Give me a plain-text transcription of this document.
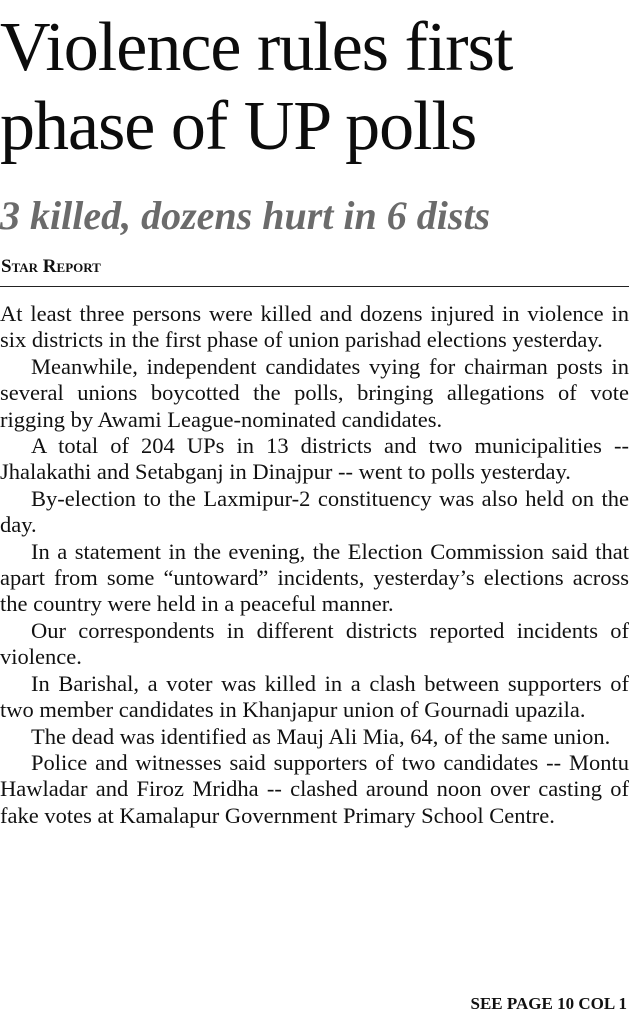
Violence rules first
phase of UP polls
3 killed, dozens hurt in 6 dists
Star Report

At least three persons were killed and dozens injured in violence in six districts in the first phase of union parishad elections yesterday.

Meanwhile, independent candidates vying for chairman posts in several unions boycotted the polls, bringing allegations of vote rigging by Awami League-nominated candidates.

A total of 204 UPs in 13 districts and two municipalities -- Jhalakathi and Setabganj in Dinajpur -- went to polls yesterday.

By-election to the Laxmipur-2 constituency was also held on the day.

In a statement in the evening, the Election Commission said that apart from some “untoward” incidents, yesterday’s elections across the country were held in a peaceful manner.

Our correspondents in different districts reported incidents of violence.

In Barishal, a voter was killed in a clash between supporters of two member candidates in Khanjapur union of Gournadi upazila.

The dead was identified as Mauj Ali Mia, 64, of the same union.

Police and witnesses said supporters of two candidates -- Montu Hawladar and Firoz Mridha -- clashed around noon over casting of fake votes at Kamalapur Government Primary School Centre.

SEE PAGE 10 COL 1
